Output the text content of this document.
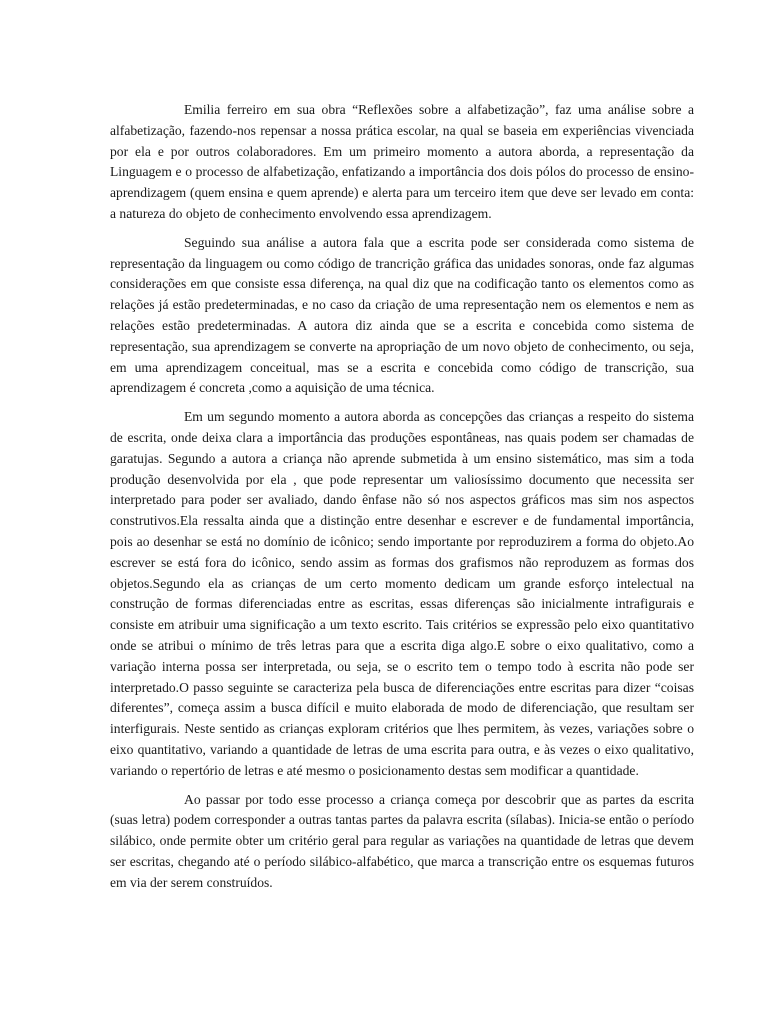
Emilia ferreiro em sua obra “Reflexões sobre a alfabetização”, faz uma análise sobre a alfabetização, fazendo-nos repensar a nossa prática escolar, na qual se baseia em experiências vivenciada por ela e por outros colaboradores. Em um primeiro momento a autora aborda, a representação da Linguagem e o processo de alfabetização, enfatizando a importância dos dois pólos do processo de ensino-aprendizagem (quem ensina e quem aprende) e alerta para um terceiro item que deve ser levado em conta: a natureza do objeto de conhecimento envolvendo essa aprendizagem.

Seguindo sua análise a autora fala que a escrita pode ser considerada como sistema de representação da linguagem ou como código de trancrição gráfica das unidades sonoras, onde faz algumas considerações em que consiste essa diferença, na qual diz que na codificação tanto os elementos como as relações já estão predeterminadas, e no caso da criação de uma representação nem os elementos e nem as relações estão predeterminadas. A autora diz ainda que se a escrita e concebida como sistema de representação, sua aprendizagem se converte na apropriação de um novo objeto de conhecimento, ou seja, em uma aprendizagem conceitual, mas se a escrita e concebida como código de transcrição, sua aprendizagem é concreta ,como a aquisição de uma técnica.

Em um segundo momento a autora aborda as concepções das crianças a respeito do sistema de escrita, onde deixa clara a importância das produções espontâneas, nas quais podem ser chamadas de garatujas. Segundo a autora a criança não aprende submetida à um ensino sistemático, mas sim a toda produção desenvolvida por ela , que pode representar um valiosíssimo documento que necessita ser interpretado para poder ser avaliado, dando ênfase não só nos aspectos gráficos mas sim nos aspectos construtivos.Ela ressalta ainda que a distinção entre desenhar e escrever e de fundamental importância, pois ao desenhar se está no domínio de icônico; sendo importante por reproduzirem a forma do objeto.Ao escrever se está fora do icônico, sendo assim as formas dos grafismos não reproduzem as formas dos objetos.Segundo ela as crianças de um certo momento dedicam um grande esforço intelectual na construção de formas diferenciadas entre as escritas, essas diferenças são inicialmente intrafigurais e consiste em atribuir uma significação a um texto escrito. Tais critérios se expressão pelo eixo quantitativo onde se atribui o mínimo de três letras para que a escrita diga algo.E sobre o eixo qualitativo, como a variação interna possa ser interpretada, ou seja, se o escrito tem o tempo todo à escrita não pode ser interpretado.O passo seguinte se caracteriza pela busca de diferenciações entre escritas para dizer “coisas diferentes”, começa assim a busca difícil e muito elaborada de modo de diferenciação, que resultam ser interfigurais. Neste sentido as crianças exploram critérios que lhes permitem, às vezes, variações sobre o eixo quantitativo, variando a quantidade de letras de uma escrita para outra, e às vezes o eixo qualitativo, variando o repertório de letras e até mesmo o posicionamento destas sem modificar a quantidade.

Ao passar por todo esse processo a criança começa por descobrir que as partes da escrita (suas letra) podem corresponder a outras tantas partes da palavra escrita (sílabas). Inicia-se então o período silábico, onde permite obter um critério geral para regular as variações na quantidade de letras que devem ser escritas, chegando até o período silábico-alfabético, que marca a transcrição entre os esquemas futuros em via der serem construídos.
